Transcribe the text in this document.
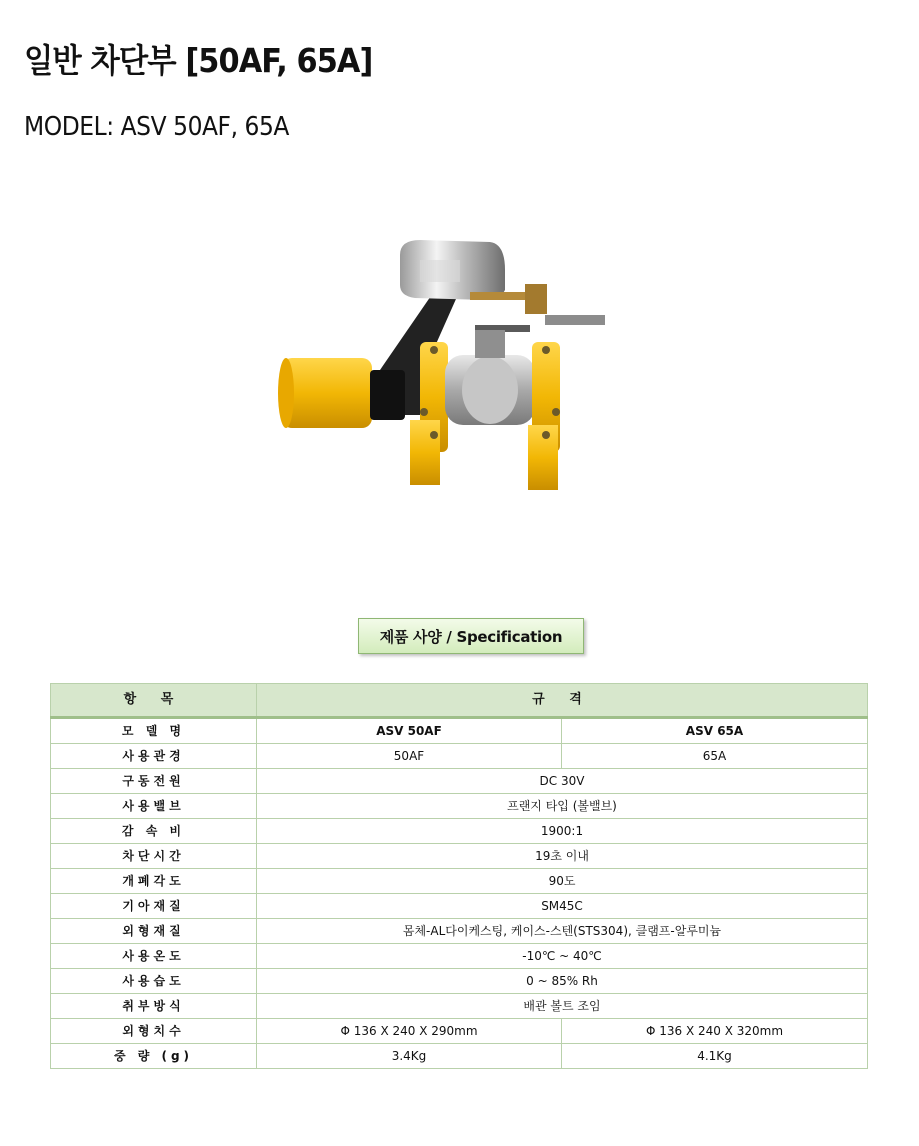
일반 차단부 [50AF, 65A]
MODEL: ASV 50AF, 65A
제품 사양 / Specification
항 목	규 격	
모 델 명	ASV 50AF	ASV 65A
사용관경	50AF	65A
구동전원	DC 30V	
사용밸브	프랜지 타입 (볼밸브)	
감 속 비	1900:1	
차단시간	19초 이내	
개폐각도	90도	
기아재질	SM45C	
외형재질	몸체-AL다이케스팅, 케이스-스텐(STS304), 클램프-알루미늄	
사용온도	-10℃ ~ 40℃	
사용습도	0 ~ 85% Rh	
취부방식	배관 볼트 조임	
외형치수	Φ 136 X 240 X 290mm	Φ 136 X 240 X 320mm
중 량 (g)	3.4Kg	4.1Kg
